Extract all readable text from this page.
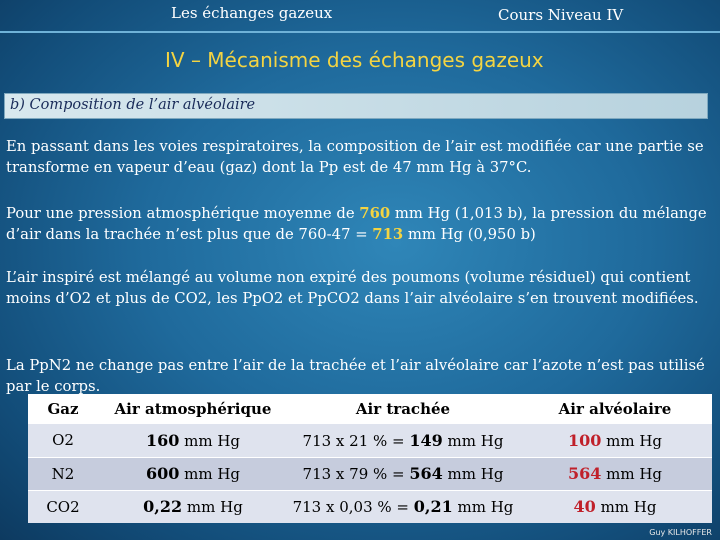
Les échanges gazeux	Cours Niveau IV
IV – Mécanisme des échanges gazeux
b) Composition de l’air alvéolaire
En passant dans les voies respiratoires, la composition de l’air est modifiée car une partie se transforme en vapeur d’eau (gaz) dont la Pp est de 47 mm Hg à 37°C.
Pour une pression atmosphérique moyenne de 760 mm Hg (1,013 b), la pression du mélange d’air dans la trachée n’est plus que de 760-47 = 713 mm Hg (0,950 b)
L’air inspiré est mélangé au volume non expiré des poumons (volume résiduel) qui contient moins d’O2 et plus de CO2, les PpO2 et PpCO2 dans l’air alvéolaire s’en trouvent modifiées.
La PpN2 ne change pas entre l’air de la trachée et l’air alvéolaire car l’azote n’est pas utilisé par le corps.
Gaz	Air atmosphérique	Air trachée	Air alvéolaire
O2	160 mm Hg	713 x 21 % = 149 mm Hg	100 mm Hg
N2	600 mm Hg	713 x 79 % = 564 mm Hg	564 mm Hg
CO2	0,22 mm Hg	713 x 0,03 % = 0,21 mm Hg	40 mm Hg
Guy KILHOFFER
